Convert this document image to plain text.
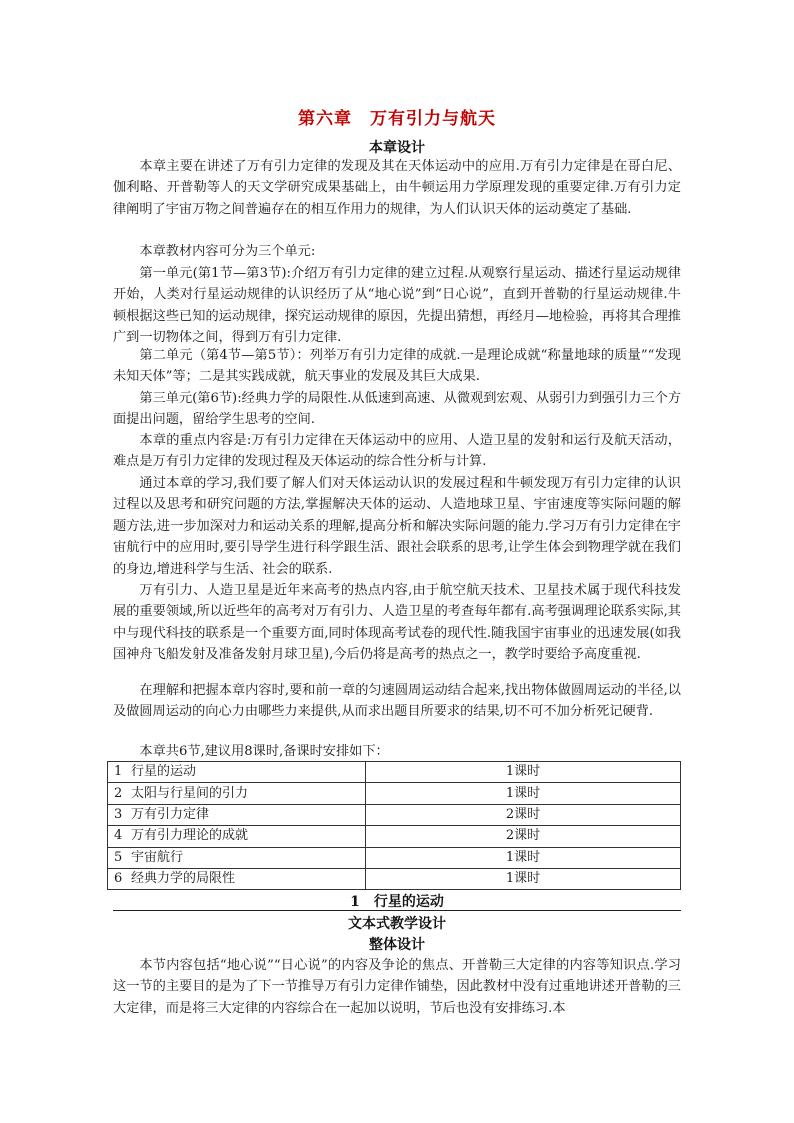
第六章　万有引力与航天
本章设计

本章主要在讲述了万有引力定律的发现及其在天体运动中的应用.万有引力定律是在哥白尼、伽利略、开普勒等人的天文学研究成果基础上，由牛顿运用力学原理发现的重要定律.万有引力定律阐明了宇宙万物之间普遍存在的相互作用力的规律，为人们认识天体的运动奠定了基础.

本章教材内容可分为三个单元:

第一单元(第1节—第3节):介绍万有引力定律的建立过程.从观察行星运动、描述行星运动规律开始，人类对行星运动规律的认识经历了从“地心说”到“日心说”，直到开普勒的行星运动规律.牛顿根据这些已知的运动规律，探究运动规律的原因，先提出猜想，再经月—地检验，再将其合理推广到一切物体之间，得到万有引力定律.

第二单元（第4节—第5节）：列举万有引力定律的成就.一是理论成就“称量地球的质量”“发现未知天体”等；二是其实践成就，航天事业的发展及其巨大成果.

第三单元(第6节):经典力学的局限性.从低速到高速、从微观到宏观、从弱引力到强引力三个方面提出问题，留给学生思考的空间.

本章的重点内容是:万有引力定律在天体运动中的应用、人造卫星的发射和运行及航天活动，难点是万有引力定律的发现过程及天体运动的综合性分析与计算.

通过本章的学习,我们要了解人们对天体运动认识的发展过程和牛顿发现万有引力定律的认识过程以及思考和研究问题的方法,掌握解决天体的运动、人造地球卫星、宇宙速度等实际问题的解题方法,进一步加深对力和运动关系的理解,提高分析和解决实际问题的能力.学习万有引力定律在宇宙航行中的应用时,要引导学生进行科学跟生活、跟社会联系的思考,让学生体会到物理学就在我们的身边,增进科学与生活、社会的联系.

万有引力、人造卫星是近年来高考的热点内容,由于航空航天技术、卫星技术属于现代科技发展的重要领域,所以近些年的高考对万有引力、人造卫星的考查每年都有.高考强调理论联系实际,其中与现代科技的联系是一个重要方面,同时体现高考试卷的现代性.随我国宇宙事业的迅速发展(如我国神舟飞船发射及准备发射月球卫星),今后仍将是高考的热点之一，教学时要给予高度重视.

在理解和把握本章内容时,要和前一章的匀速圆周运动结合起来,找出物体做圆周运动的半径,以及做圆周运动的向心力由哪些力来提供,从而求出题目所要求的结果,切不可不加分析死记硬背.

本章共6节,建议用8课时,备课时安排如下：

1 行星的运动	1课时
2 太阳与行星间的引力	1课时
3 万有引力定律	2课时
4 万有引力理论的成就	2课时
5 宇宙航行	1课时
6 经典力学的局限性	1课时
1　行星的运动
文本式教学设计
整体设计

本节内容包括“地心说”“日心说”的内容及争论的焦点、开普勒三大定律的内容等知识点.学习这一节的主要目的是为了下一节推导万有引力定律作铺垫，因此教材中没有过重地讲述开普勒的三大定律，而是将三大定律的内容综合在一起加以说明，节后也没有安排练习.本
